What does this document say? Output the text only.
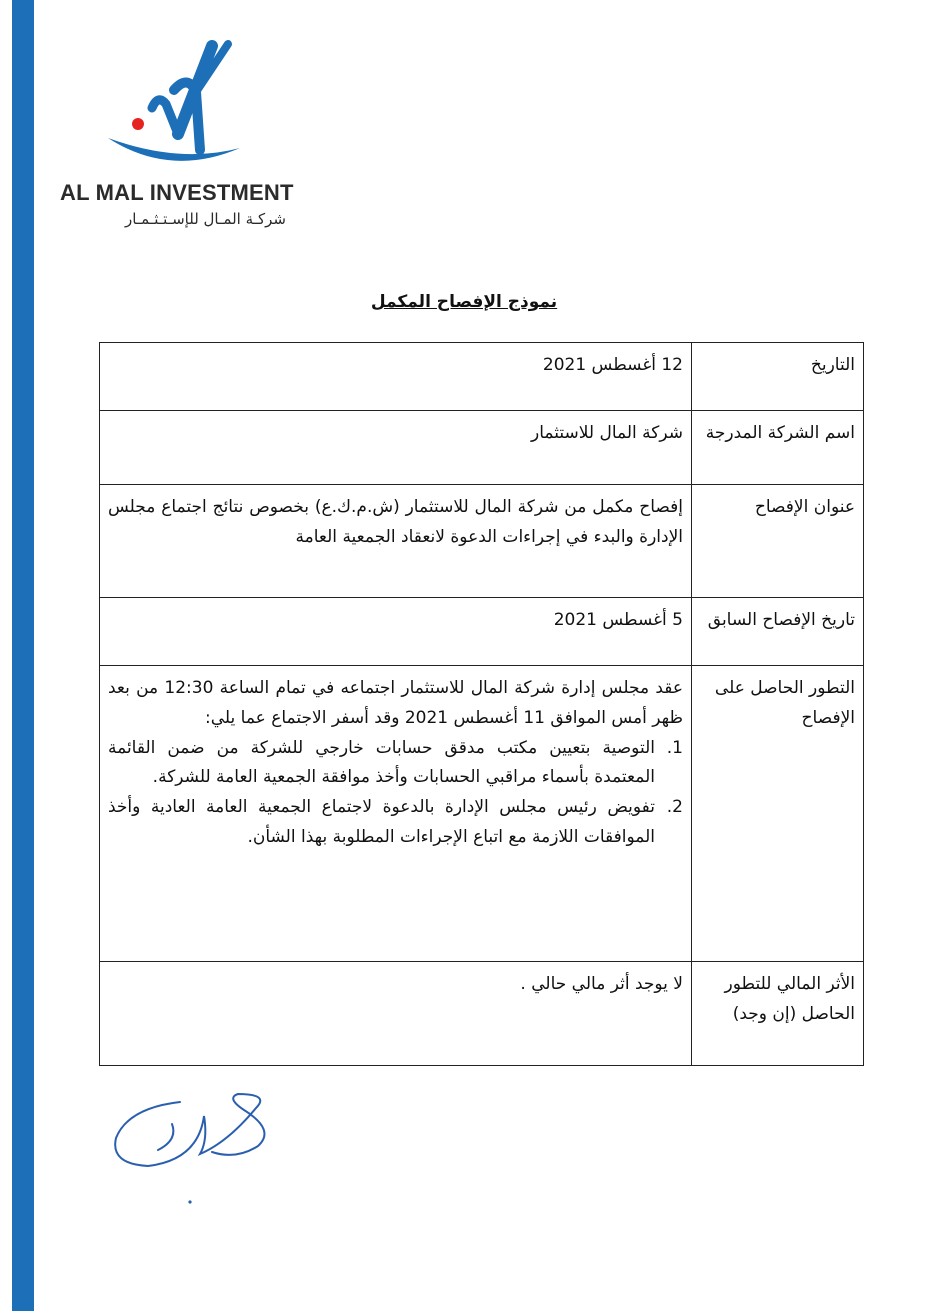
AL MAL INVESTMENT
شركـة المـال للإسـتـثـمـار
نموذج الإفصاح المكمل
التاريخ	12 أغسطس 2021
اسم الشركة المدرجة	شركة المال للاستثمار
عنوان الإفصاح	إفصاح مكمل من شركة المال للاستثمار (ش.م.ك.ع) بخصوص نتائج اجتماع مجلس الإدارة والبدء في إجراءات الدعوة لانعقاد الجمعية العامة

تاريخ الإفصاح السابق	5 أغسطس 2021
التطور الحاصل على الإفصاح	عقد مجلس إدارة شركة المال للاستثمار اجتماعه في تمام الساعة 12:30 من بعد ظهر أمس الموافق 11 أغسطس 2021 وقد أسفر الاجتماع عما يلي:

1.
التوصية بتعيين مكتب مدقق حسابات خارجي للشركة من ضمن القائمة المعتمدة بأسماء مراقبي الحسابات وأخذ موافقة الجمعية العامة للشركة.
2.
تفويض رئيس مجلس الإدارة بالدعوة لاجتماع الجمعية العامة العادية وأخذ الموافقات اللازمة مع اتباع الإجراءات المطلوبة بهذا الشأن.

الأثر المالي للتطور الحاصل (إن وجد)	لا يوجد أثر مالي حالي .
